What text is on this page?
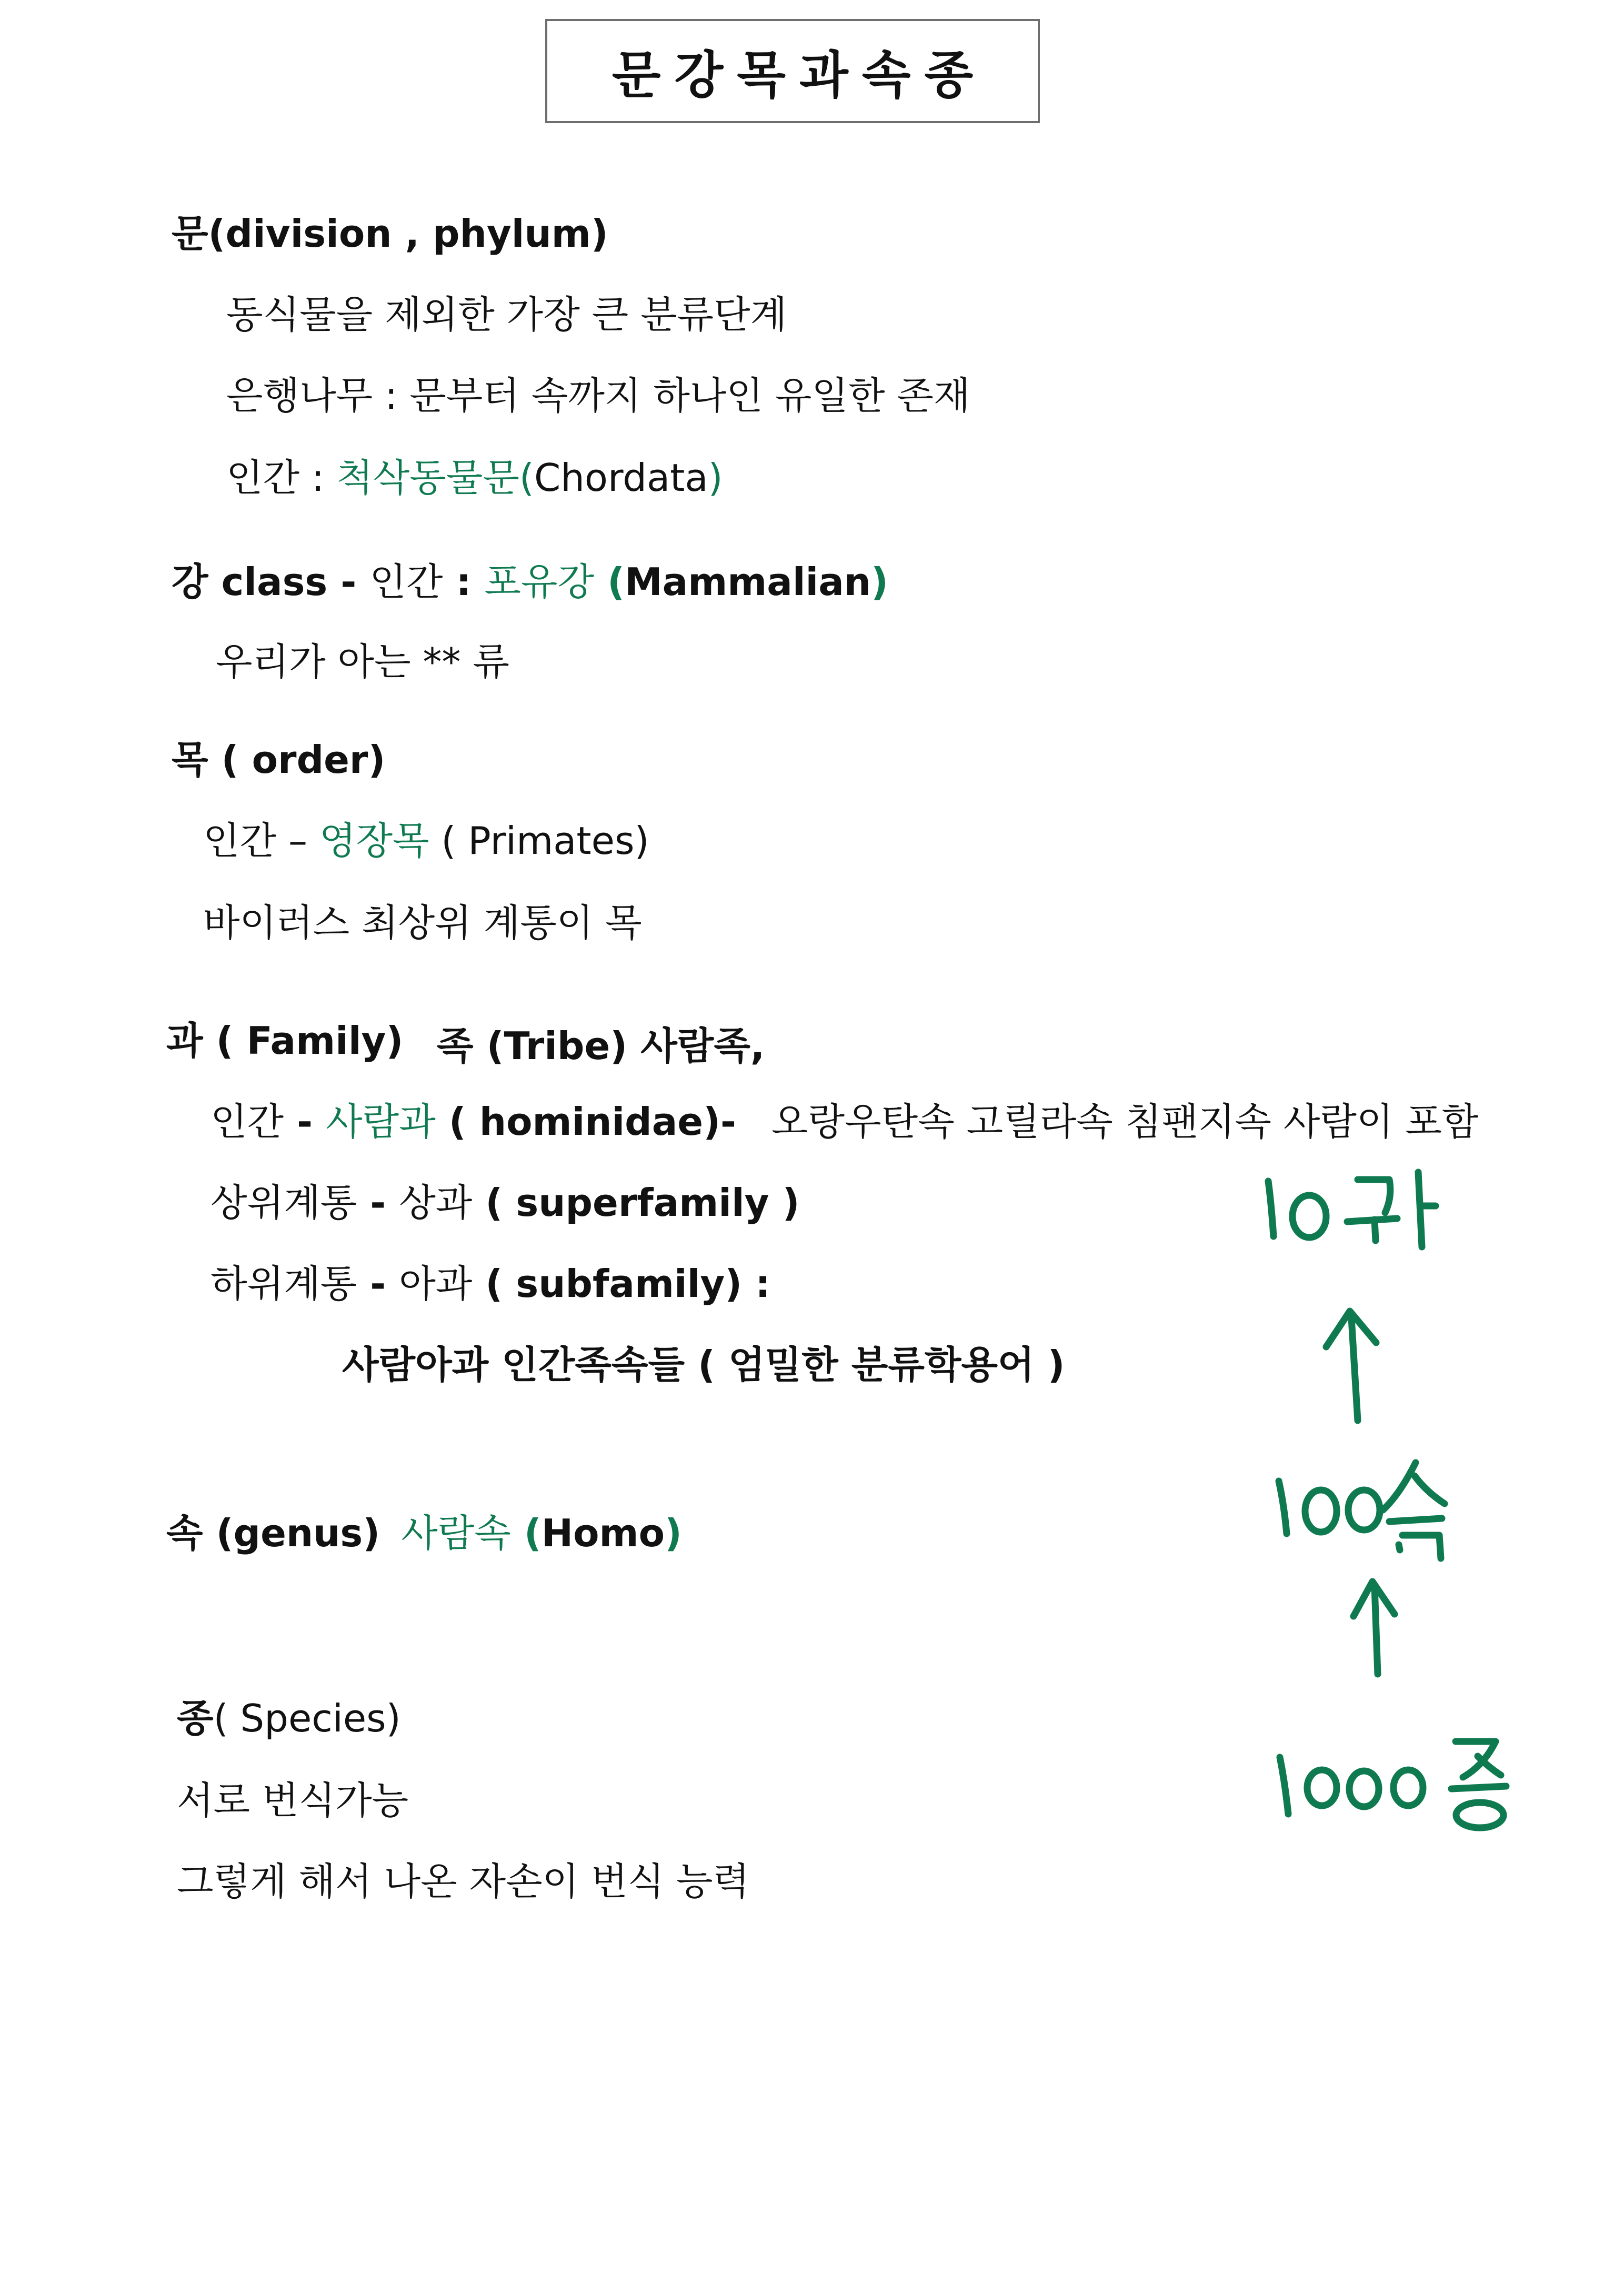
문강목과속종
문(division , phylum)
동식물을 제외한 가장 큰 분류단계
은행나무 : 문부터 속까지 하나인 유일한 존재
인간 : 척삭동물문(Chordata)
강 class - 인간 : 포유강 (Mammalian)
우리가 아는 ** 류
목 ( order)
인간 – 영장목 ( Primates)
바이러스 최상위 계통이 목
과 ( Family) 족 (Tribe) 사람족,
인간 - 사람과 ( hominidae)- 오랑우탄속 고릴라속 침팬지속 사람이 포함
상위계통 - 상과 ( superfamily )
하위계통 - 아과 ( subfamily) :
사람아과 인간족속들 ( 엄밀한 분류학용어 )
속 (genus) 사람속 (Homo)
종( Species)
서로 번식가능
그렇게 해서 나온 자손이 번식 능력
